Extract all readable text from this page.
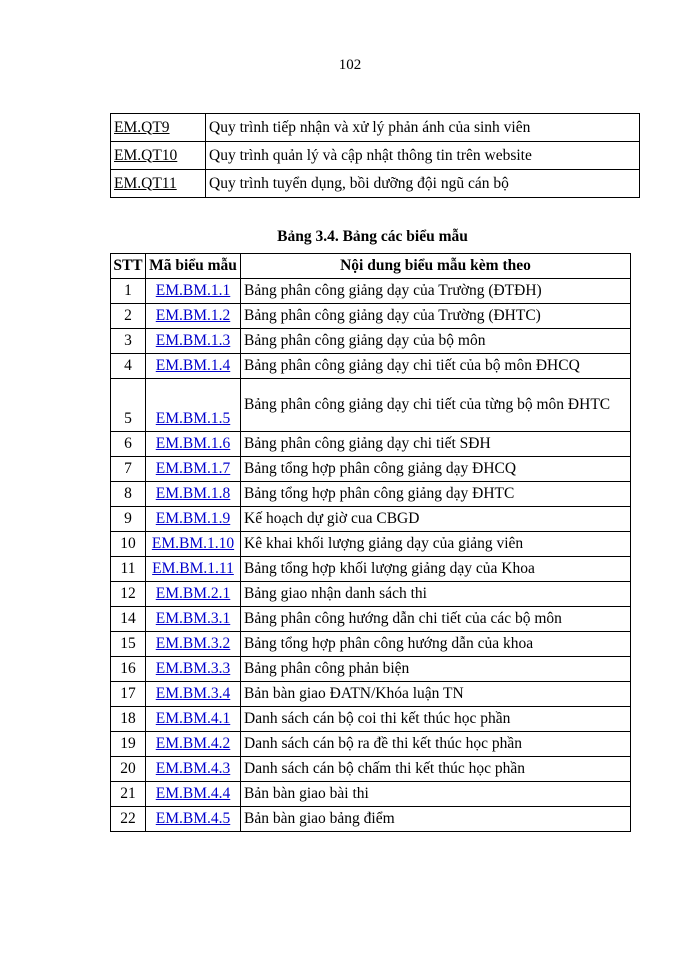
102
EM.QT9	Quy trình tiếp nhận và xử lý phản ánh của sinh viên
EM.QT10	Quy trình quản lý và cập nhật thông tin trên website
EM.QT11	Quy trình tuyển dụng, bồi dưỡng đội ngũ cán bộ
Bảng 3.4. Bảng các biểu mẫu
STT	Mã biểu mẫu	Nội dung biểu mẫu kèm theo
1	EM.BM.1.1	Bảng phân công giảng dạy của Trường (ĐTĐH)
2	EM.BM.1.2	Bảng phân công giảng dạy của Trường (ĐHTC)
3	EM.BM.1.3	Bảng phân công giảng dạy của bộ môn
4	EM.BM.1.4	Bảng phân công giảng dạy chi tiết của bộ môn ĐHCQ
5	EM.BM.1.5	Bảng phân công giảng dạy chi tiết của từng bộ môn ĐHTC
6	EM.BM.1.6	Bảng phân công giảng dạy chi tiết SĐH
7	EM.BM.1.7	Bảng tổng hợp phân công giảng dạy ĐHCQ
8	EM.BM.1.8	Bảng tổng hợp phân công giảng dạy ĐHTC
9	EM.BM.1.9	Kế hoạch dự giờ cua CBGD
10	EM.BM.1.10	Kê khai khối lượng giảng dạy của giảng viên
11	EM.BM.1.11	Bảng tổng hợp khối lượng giảng dạy của Khoa
12	EM.BM.2.1	Bảng giao nhận danh sách thi
14	EM.BM.3.1	Bảng phân công hướng dẫn chi tiết của các bộ môn
15	EM.BM.3.2	Bảng tổng hợp phân công hướng dẫn của khoa
16	EM.BM.3.3	Bảng phân công phản biện
17	EM.BM.3.4	Bản bàn giao ĐATN/Khóa luận TN
18	EM.BM.4.1	Danh sách cán bộ coi thi kết thúc học phần
19	EM.BM.4.2	Danh sách cán bộ ra đề thi kết thúc học phần
20	EM.BM.4.3	Danh sách cán bộ chấm thi kết thúc học phần
21	EM.BM.4.4	Bản bàn giao bài thi
22	EM.BM.4.5	Bản bàn giao bảng điểm
